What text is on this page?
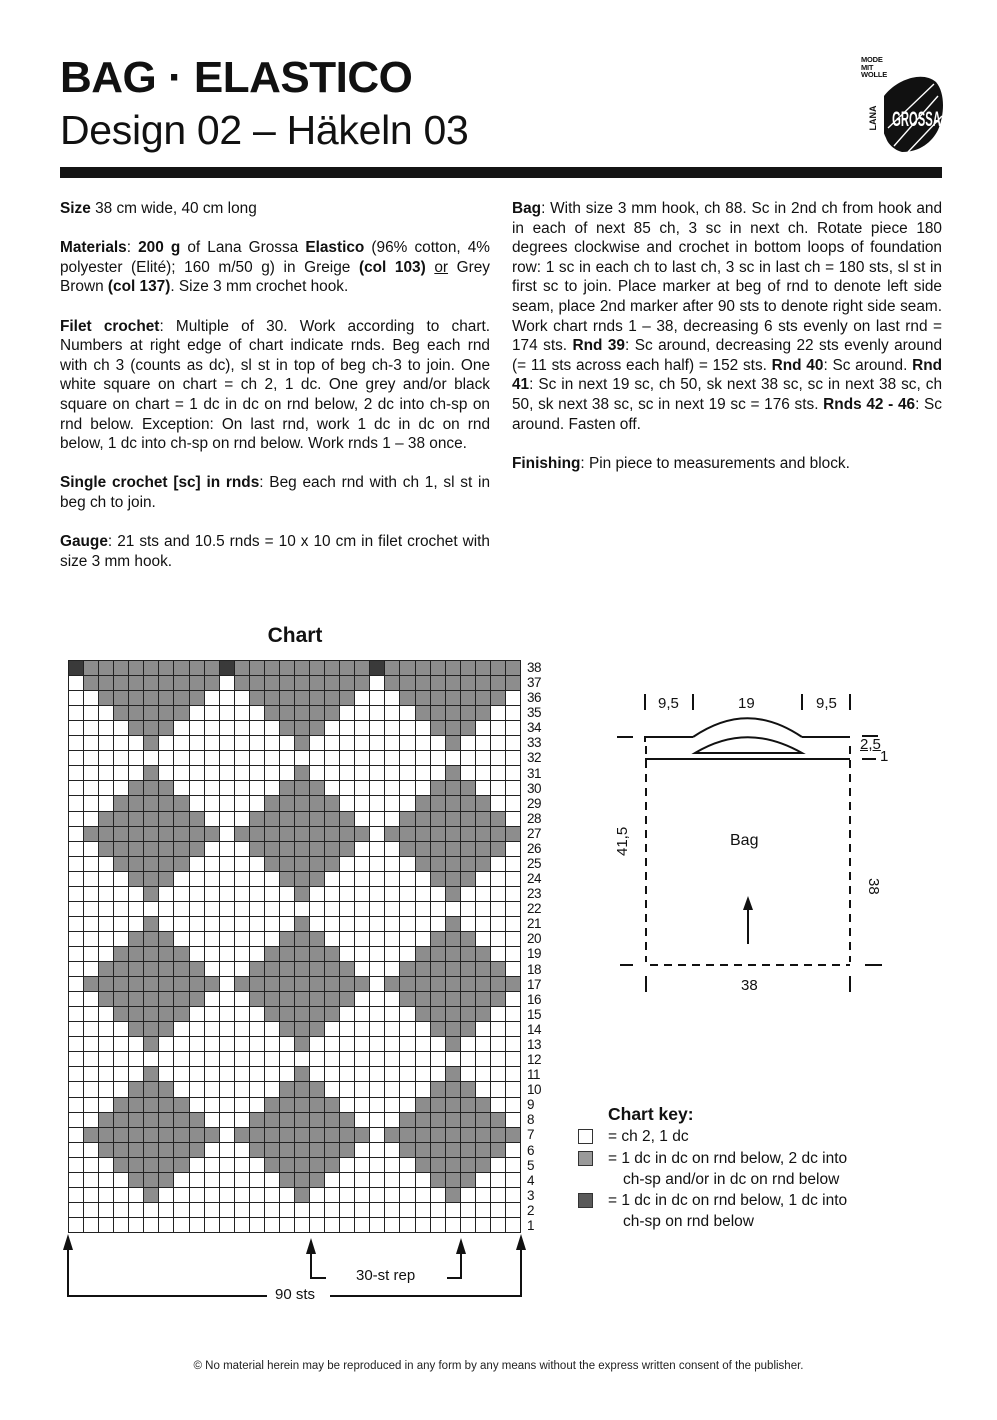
BAG · ELASTICO
Design 02 – Häkeln 03
MODE
MIT
WOLLE
LANA GROSSA

Size 38 cm wide, 40 cm long

Materials: 200 g of Lana Grossa Elastico (96% cotton, 4% polyester (Elité); 160 m/50 g) in Greige (col 103) or Grey Brown (col 137). Size 3 mm crochet hook.

Filet crochet: Multiple of 30. Work according to chart. Numbers at right edge of chart indicate rnds. Beg each rnd with ch 3 (counts as dc), sl st in top of beg ch-3 to join. One white square on chart = ch 2, 1 dc. One grey and/or black square on chart = 1 dc in dc on rnd below, 2 dc into ch-sp on rnd below. Exception: On last rnd, work 1 dc in dc on rnd below, 1 dc into ch-sp on rnd below. Work rnds 1 – 38 once.

Single crochet [sc] in rnds: Beg each rnd with ch 1, sl st in beg ch to join.

Gauge: 21 sts and 10.5 rnds = 10 x 10 cm in filet crochet with size 3 mm hook.

Bag: With size 3 mm hook, ch 88. Sc in 2nd ch from hook and in each of next 85 ch, 3 sc in next ch. Rotate piece 180 degrees clockwise and crochet in bottom loops of foundation row: 1 sc in each ch to last ch, 3 sc in last ch = 180 sts, sl st in first sc to join. Place marker at beg of rnd to denote left side seam, place 2nd marker after 90 sts to denote right side seam. Work chart rnds 1 – 38, decreasing 6 sts evenly on last rnd = 174 sts. Rnd 39: Sc around, decreasing 22 sts evenly around (= 11 sts across each half) = 152 sts. Rnd 40: Sc around. Rnd 41: Sc in next 19 sc, ch 50, sk next 38 sc, sc in next 38 sc, ch 50, sk next 38 sc, sc in next 19 sc = 176 sts. Rnds 42 - 46: Sc around. Fasten off.

Finishing: Pin piece to measurements and block.

Chart
38
37
36
35
34
33
32
31
30
29
28
27
26
25
24
23
22
21
20
19
18
17
16
15
14
13
12
11
10
9
8
7
6
5
4
3
2
1
90 sts
30-st rep
9,5	19	9,5
2,5
1
Bag
41,5
38
38
Chart key:
= ch 2, 1 dc
= 1 dc in dc on rnd below, 2 dc into
ch-sp and/or in dc on rnd below
= 1 dc in dc on rnd below, 1 dc into
ch-sp on rnd below
© No material herein may be reproduced in any form by any means without the express written consent of the publisher.
